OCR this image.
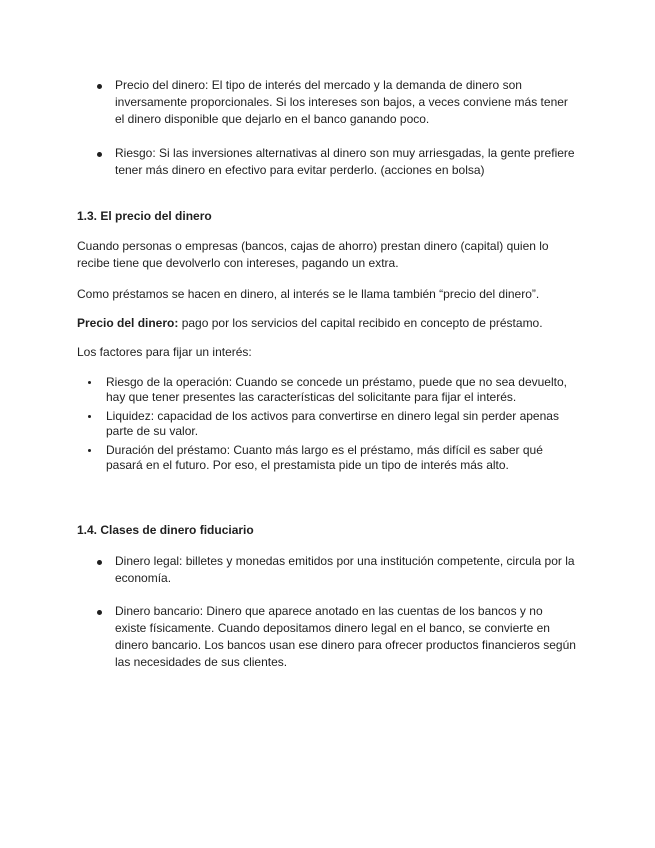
Precio del dinero: El tipo de interés del mercado y la demanda de dinero son inversamente proporcionales. Si los intereses son bajos, a veces conviene más tener el dinero disponible que dejarlo en el banco ganando poco.
Riesgo: Si las inversiones alternativas al dinero son muy arriesgadas, la gente prefiere tener más dinero en efectivo para evitar perderlo. (acciones en bolsa)
1.3. El precio del dinero

Cuando personas o empresas (bancos, cajas de ahorro) prestan dinero (capital) quien lo recibe tiene que devolverlo con intereses, pagando un extra.

Como préstamos se hacen en dinero, al interés se le llama también “precio del dinero”.

Precio del dinero: pago por los servicios del capital recibido en concepto de préstamo.

Los factores para fijar un interés:

Riesgo de la operación: Cuando se concede un préstamo, puede que no sea devuelto, hay que tener presentes las características del solicitante para fijar el interés.
Liquidez: capacidad de los activos para convertirse en dinero legal sin perder apenas parte de su valor.
Duración del préstamo: Cuanto más largo es el préstamo, más difícil es saber qué pasará en el futuro. Por eso, el prestamista pide un tipo de interés más alto.
1.4. Clases de dinero fiduciario
Dinero legal: billetes y monedas emitidos por una institución competente, circula por la economía.
Dinero bancario: Dinero que aparece anotado en las cuentas de los bancos y no existe físicamente. Cuando depositamos dinero legal en el banco, se convierte en dinero bancario. Los bancos usan ese dinero para ofrecer productos financieros según las necesidades de sus clientes.
